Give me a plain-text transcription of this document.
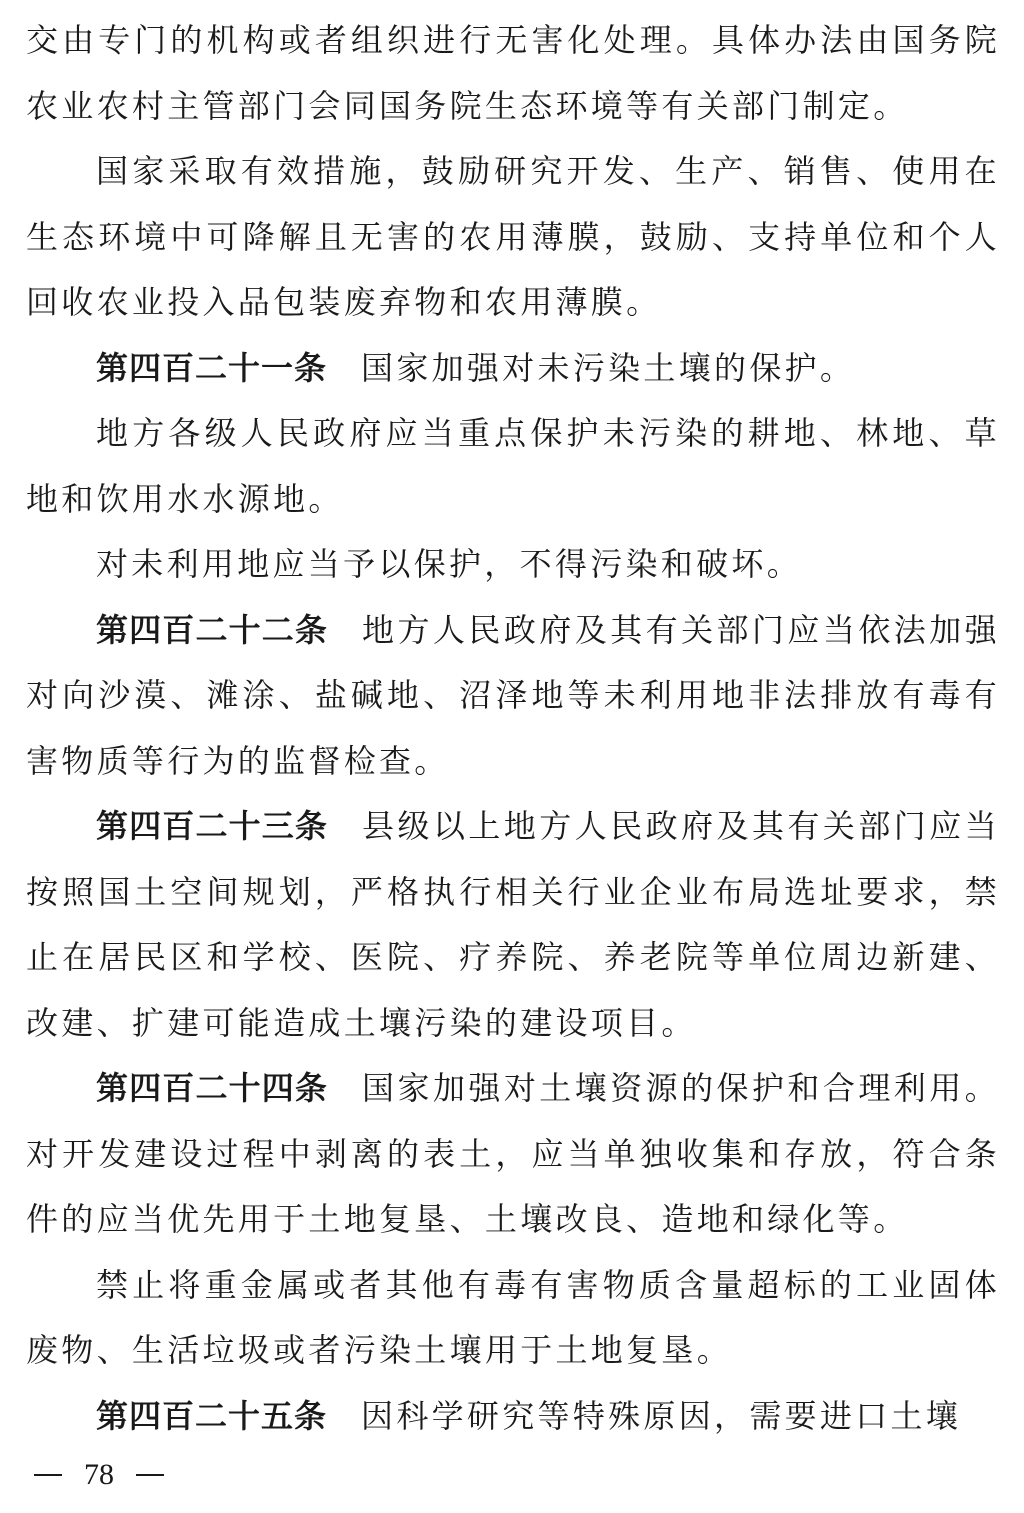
交由专门的机构或者组织进行无害化处理。具体办法由国务院农业农村主管部门会同国务院生态环境等有关部门制定。

国家采取有效措施，鼓励研究开发、生产、销售、使用在生态环境中可降解且无害的农用薄膜，鼓励、支持单位和个人回收农业投入品包装废弃物和农用薄膜。

第四百二十一条 国家加强对未污染土壤的保护。

地方各级人民政府应当重点保护未污染的耕地、林地、草地和饮用水水源地。

对未利用地应当予以保护，不得污染和破坏。

第四百二十二条 地方人民政府及其有关部门应当依法加强对向沙漠、滩涂、盐碱地、沼泽地等未利用地非法排放有毒有害物质等行为的监督检查。

第四百二十三条 县级以上地方人民政府及其有关部门应当按照国土空间规划，严格执行相关行业企业布局选址要求，禁止在居民区和学校、医院、疗养院、养老院等单位周边新建、改建、扩建可能造成土壤污染的建设项目。

第四百二十四条 国家加强对土壤资源的保护和合理利用。对开发建设过程中剥离的表土，应当单独收集和存放，符合条件的应当优先用于土地复垦、土壤改良、造地和绿化等。

禁止将重金属或者其他有毒有害物质含量超标的工业固体废物、生活垃圾或者污染土壤用于土地复垦。

第四百二十五条 因科学研究等特殊原因，需要进口土壤

78
